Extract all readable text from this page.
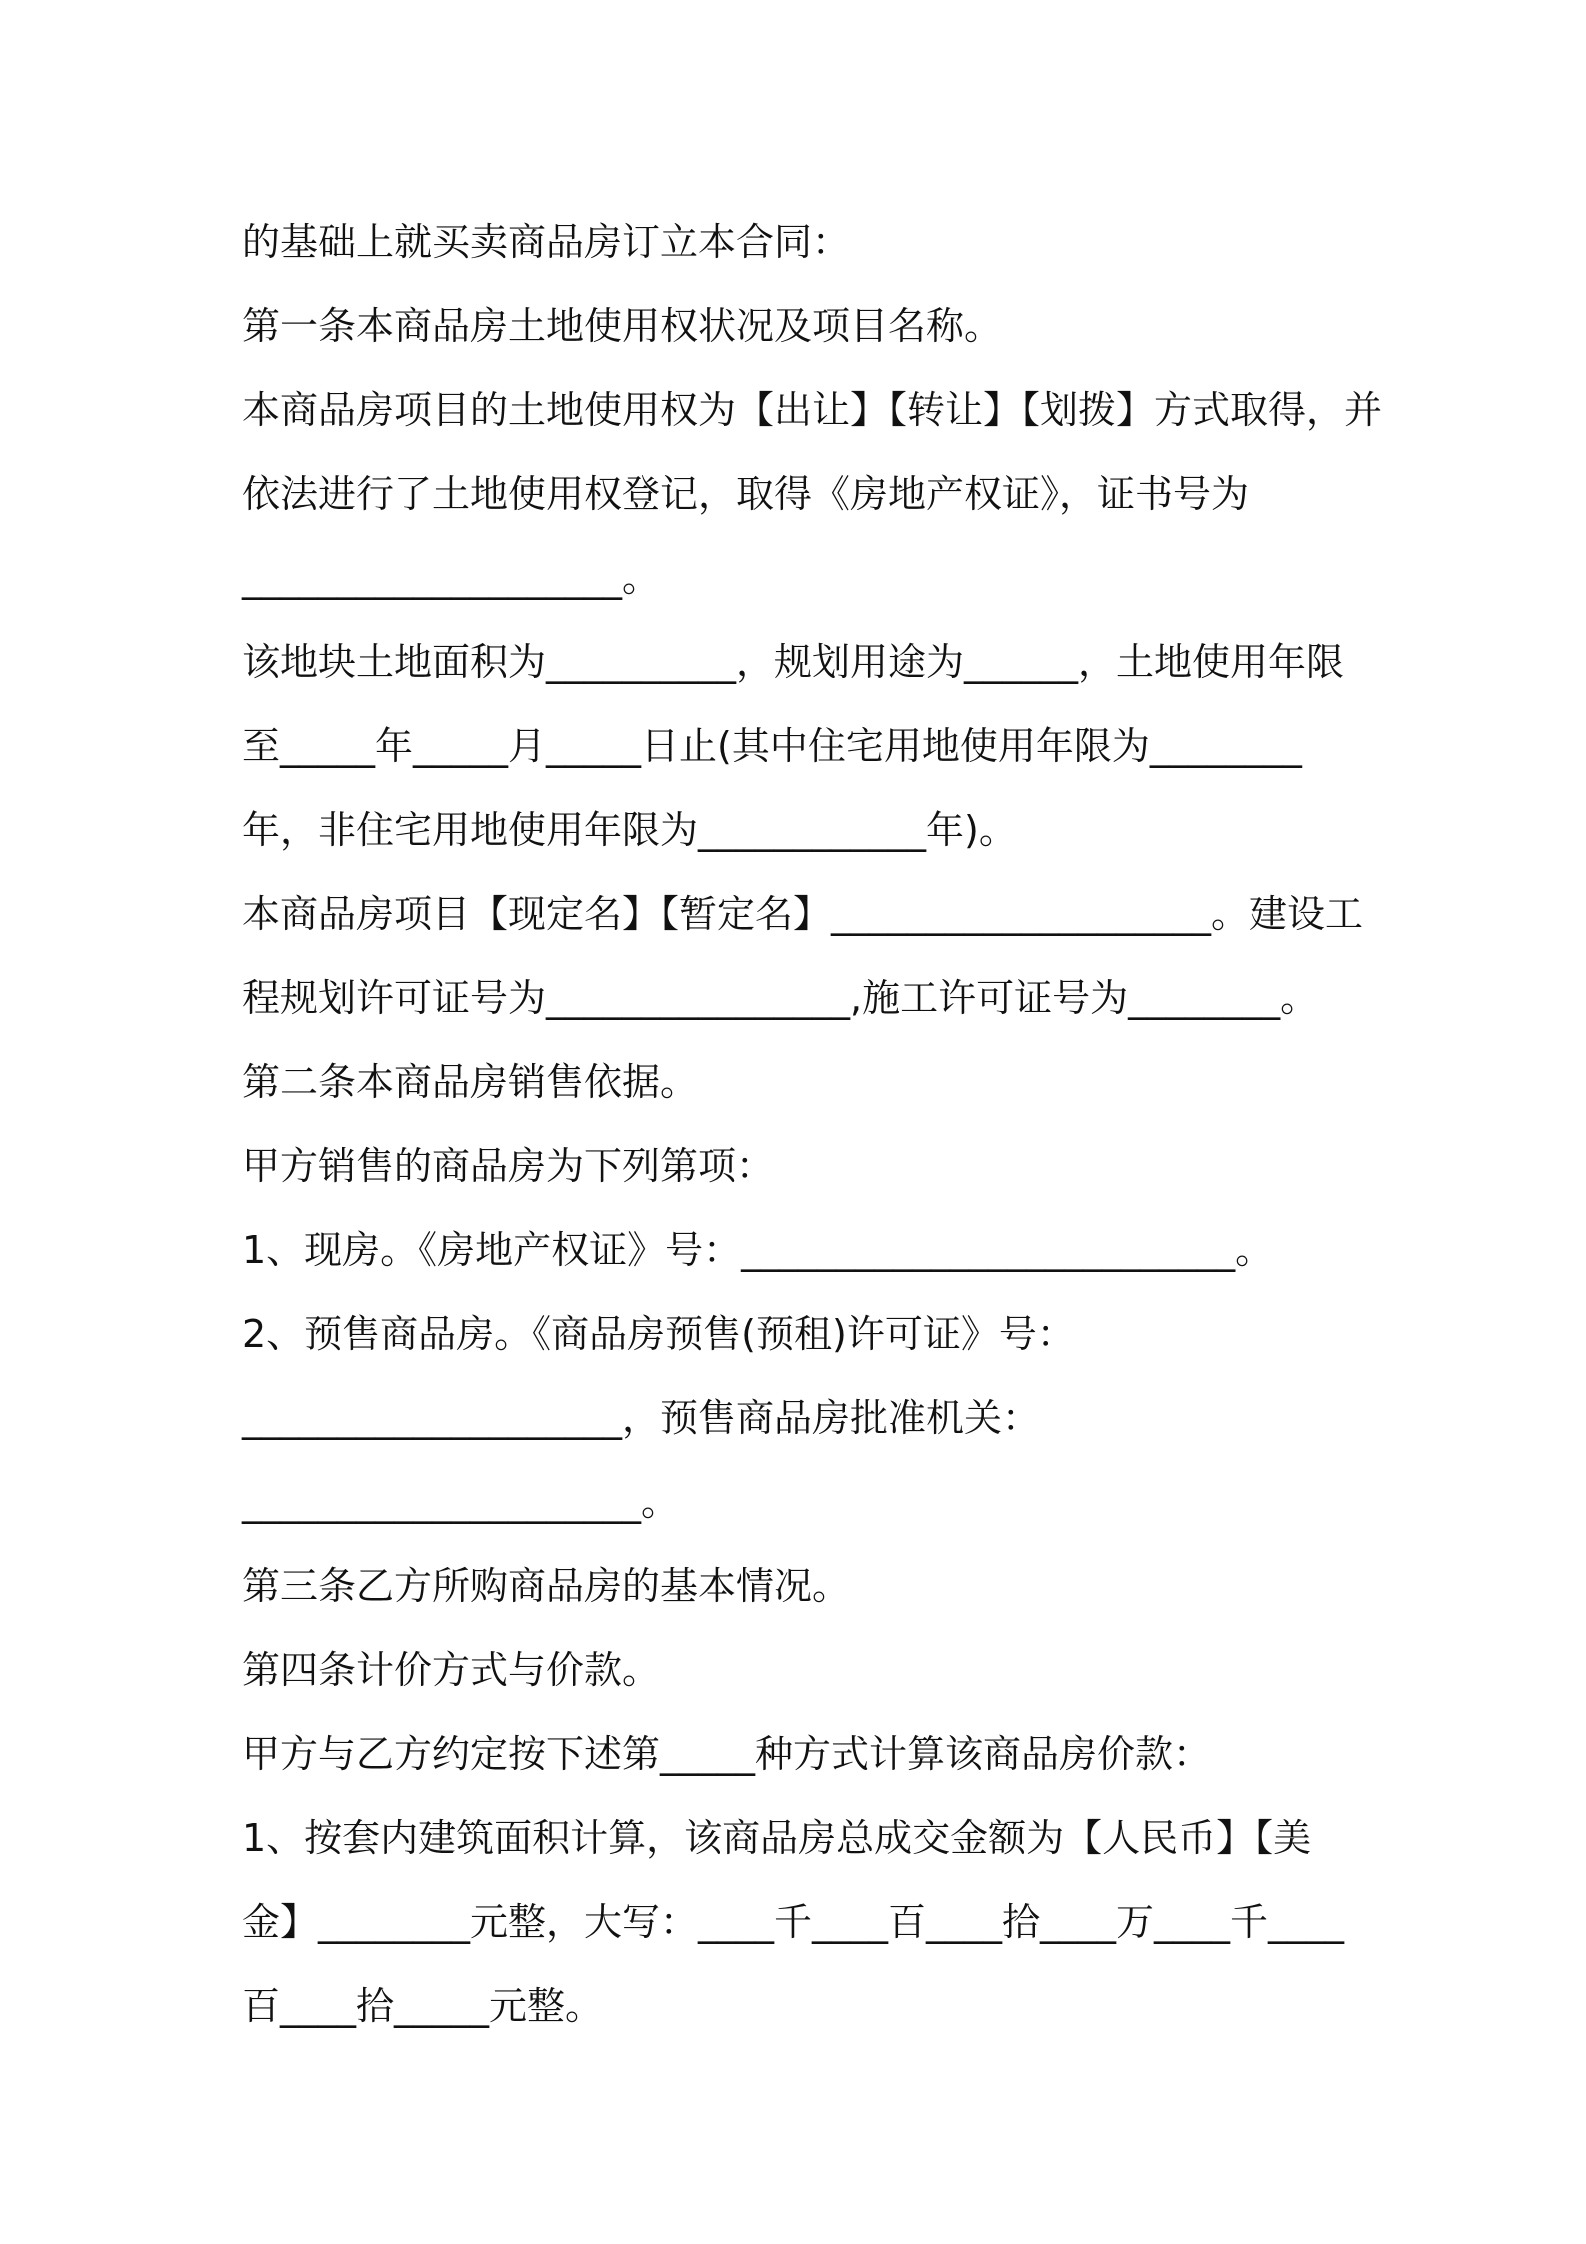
的基础上就买卖商品房订立本合同：
第一条本商品房土地使用权状况及项目名称。
本商品房项目的土地使用权为【出让】【转让】【划拨】方式取得，并
依法进行了土地使用权登记，取得《房地产权证》，证书号为
____________________。
该地块土地面积为__________，规划用途为______，土地使用年限
至_____年_____月_____日止(其中住宅用地使用年限为________
年，非住宅用地使用年限为____________年)。
本商品房项目【现定名】【暂定名】____________________。建设工
程规划许可证号为________________,施工许可证号为________。
第二条本商品房销售依据。
甲方销售的商品房为下列第项：
1、现房。《房地产权证》号：__________________________。
2、预售商品房。《商品房预售(预租)许可证》号：
____________________，预售商品房批准机关：
_____________________。
第三条乙方所购商品房的基本情况。
第四条计价方式与价款。
甲方与乙方约定按下述第_____种方式计算该商品房价款：
1、按套内建筑面积计算，该商品房总成交金额为【人民币】【美
金】________元整，大写：____千____百____拾____万____千____
百____拾_____元整。
